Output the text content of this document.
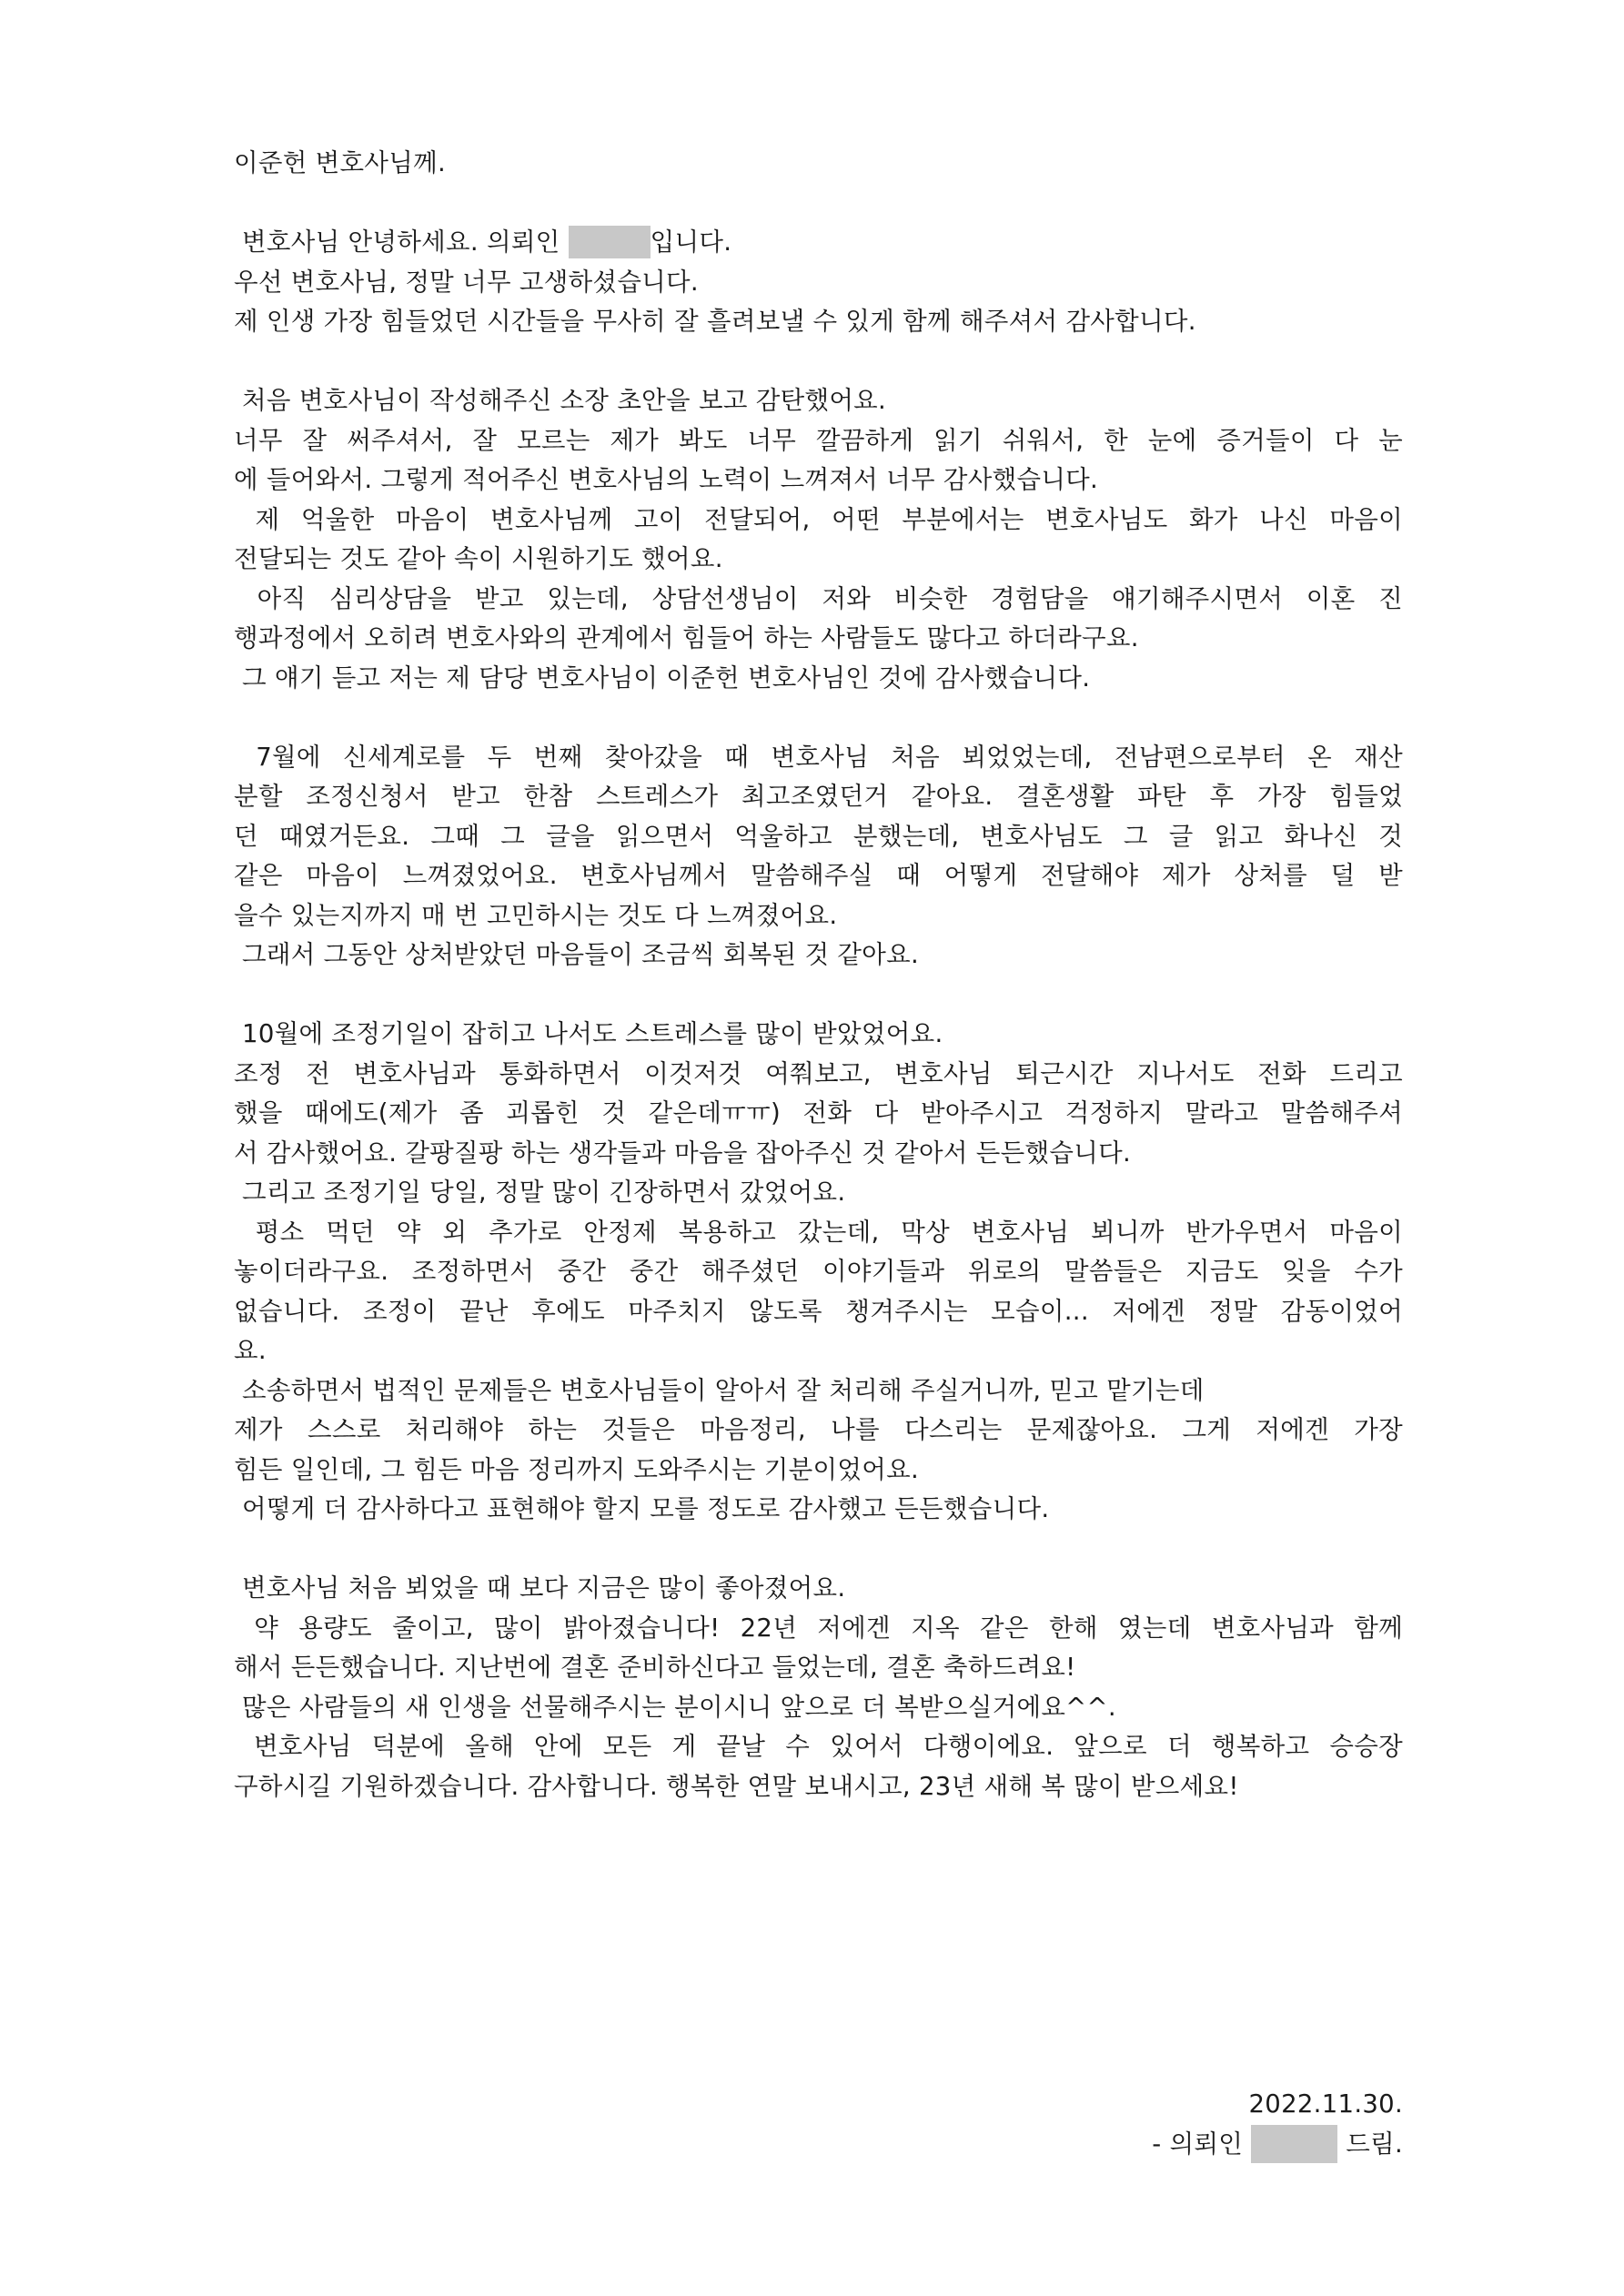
이준헌 변호사님께.

변호사님 안녕하세요. 의뢰인	입니다.

우선 변호사님, 정말 너무 고생하셨습니다.

제 인생 가장 힘들었던 시간들을 무사히 잘 흘려보낼 수 있게 함께 해주셔서 감사합니다.

처음 변호사님이 작성해주신 소장 초안을 보고 감탄했어요.

너무 잘 써주셔서, 잘 모르는 제가 봐도 너무 깔끔하게 읽기 쉬워서, 한 눈에 증거들이 다 눈

에 들어와서. 그렇게 적어주신 변호사님의 노력이 느껴져서 너무 감사했습니다.

제 억울한 마음이 변호사님께 고이 전달되어, 어떤 부분에서는 변호사님도 화가 나신 마음이

전달되는 것도 같아 속이 시원하기도 했어요.

아직 심리상담을 받고 있는데, 상담선생님이 저와 비슷한 경험담을 얘기해주시면서 이혼 진

행과정에서 오히려 변호사와의 관계에서 힘들어 하는 사람들도 많다고 하더라구요.

그 얘기 듣고 저는 제 담당 변호사님이 이준헌 변호사님인 것에 감사했습니다.

7월에 신세계로를 두 번째 찾아갔을 때 변호사님 처음 뵈었었는데, 전남편으로부터 온 재산

분할 조정신청서 받고 한참 스트레스가 최고조였던거 같아요. 결혼생활 파탄 후 가장 힘들었

던 때였거든요. 그때 그 글을 읽으면서 억울하고 분했는데, 변호사님도 그 글 읽고 화나신 것

같은 마음이 느껴졌었어요. 변호사님께서 말씀해주실 때 어떻게 전달해야 제가 상처를 덜 받

을수 있는지까지 매 번 고민하시는 것도 다 느껴졌어요.

그래서 그동안 상처받았던 마음들이 조금씩 회복된 것 같아요.

10월에 조정기일이 잡히고 나서도 스트레스를 많이 받았었어요.

조정 전 변호사님과 통화하면서 이것저것 여쭤보고, 변호사님 퇴근시간 지나서도 전화 드리고

했을 때에도(제가 좀 괴롭힌 것 같은데ㅠㅠ) 전화 다 받아주시고 걱정하지 말라고 말씀해주셔

서 감사했어요. 갈팡질팡 하는 생각들과 마음을 잡아주신 것 같아서 든든했습니다.

그리고 조정기일 당일, 정말 많이 긴장하면서 갔었어요.

평소 먹던 약 외 추가로 안정제 복용하고 갔는데, 막상 변호사님 뵈니까 반가우면서 마음이

놓이더라구요. 조정하면서 중간 중간 해주셨던 이야기들과 위로의 말씀들은 지금도 잊을 수가

없습니다. 조정이 끝난 후에도 마주치지 않도록 챙겨주시는 모습이... 저에겐 정말 감동이었어

요.

소송하면서 법적인 문제들은 변호사님들이 알아서 잘 처리해 주실거니까, 믿고 맡기는데

제가 스스로 처리해야 하는 것들은 마음정리, 나를 다스리는 문제잖아요. 그게 저에겐 가장

힘든 일인데, 그 힘든 마음 정리까지 도와주시는 기분이었어요.

어떻게 더 감사하다고 표현해야 할지 모를 정도로 감사했고 든든했습니다.

변호사님 처음 뵈었을 때 보다 지금은 많이 좋아졌어요.

약 용량도 줄이고, 많이 밝아졌습니다! 22년 저에겐 지옥 같은 한해 였는데 변호사님과 함께

해서 든든했습니다. 지난번에 결혼 준비하신다고 들었는데, 결혼 축하드려요!

많은 사람들의 새 인생을 선물해주시는 분이시니 앞으로 더 복받으실거에요^^.

변호사님 덕분에 올해 안에 모든 게 끝날 수 있어서 다행이에요. 앞으로 더 행복하고 승승장

구하시길 기원하겠습니다. 감사합니다. 행복한 연말 보내시고, 23년 새해 복 많이 받으세요!

2022.11.30.

- 의뢰인	드림.
